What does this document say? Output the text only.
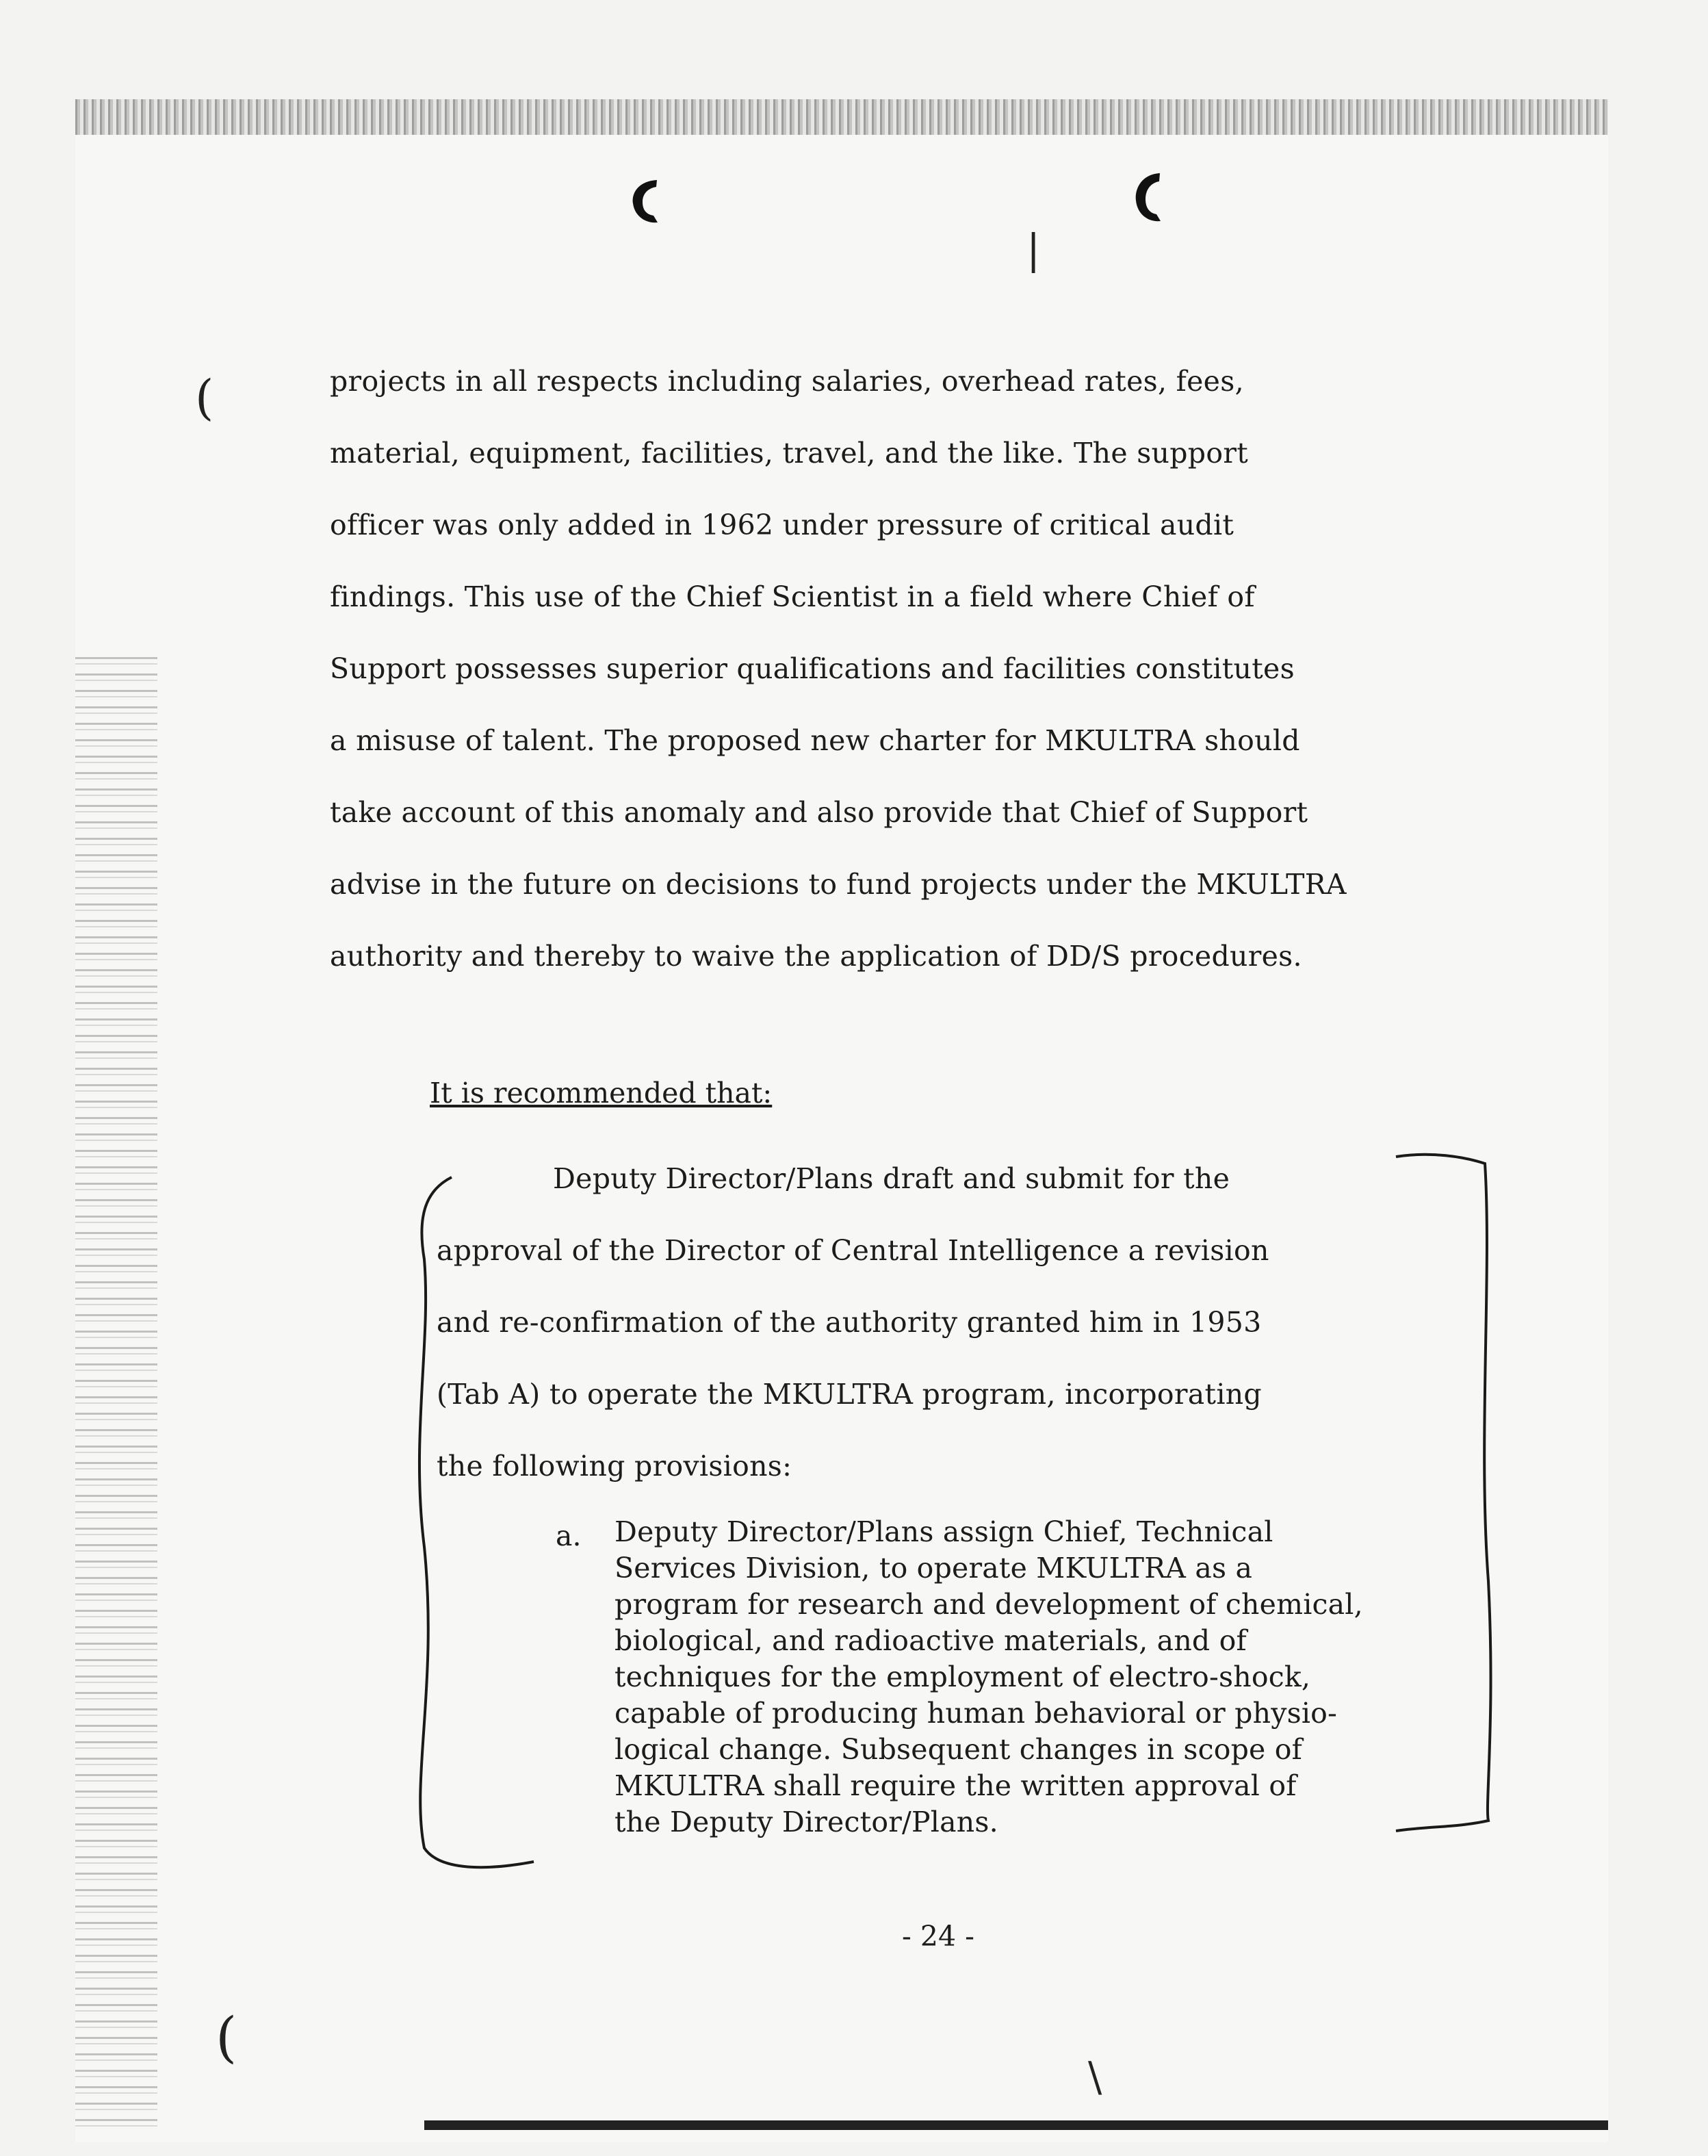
(
(
|
\
projects in all respects including salaries, overhead rates, fees,
material, equipment, facilities, travel, and the like. The support
officer was only added in 1962 under pressure of critical audit
findings. This use of the Chief Scientist in a field where Chief of
Support possesses superior qualifications and facilities constitutes
a misuse of talent. The proposed new charter for MKULTRA should
take account of this anomaly and also provide that Chief of Support
advise in the future on decisions to fund projects under the MKULTRA
authority and thereby to waive the application of DD/S procedures.
It is recommended that:
Deputy Director/Plans draft and submit for the
approval of the Director of Central Intelligence a revision
and re-confirmation of the authority granted him in 1953
(Tab A) to operate the MKULTRA program, incorporating
the following provisions:
a. Deputy Director/Plans assign Chief, Technical
Services Division, to operate MKULTRA as a
program for research and development of chemical,
biological, and radioactive materials, and of
techniques for the employment of electro-shock,
capable of producing human behavioral or physio-
logical change. Subsequent changes in scope of
MKULTRA shall require the written approval of
the Deputy Director/Plans.
- 24 -
